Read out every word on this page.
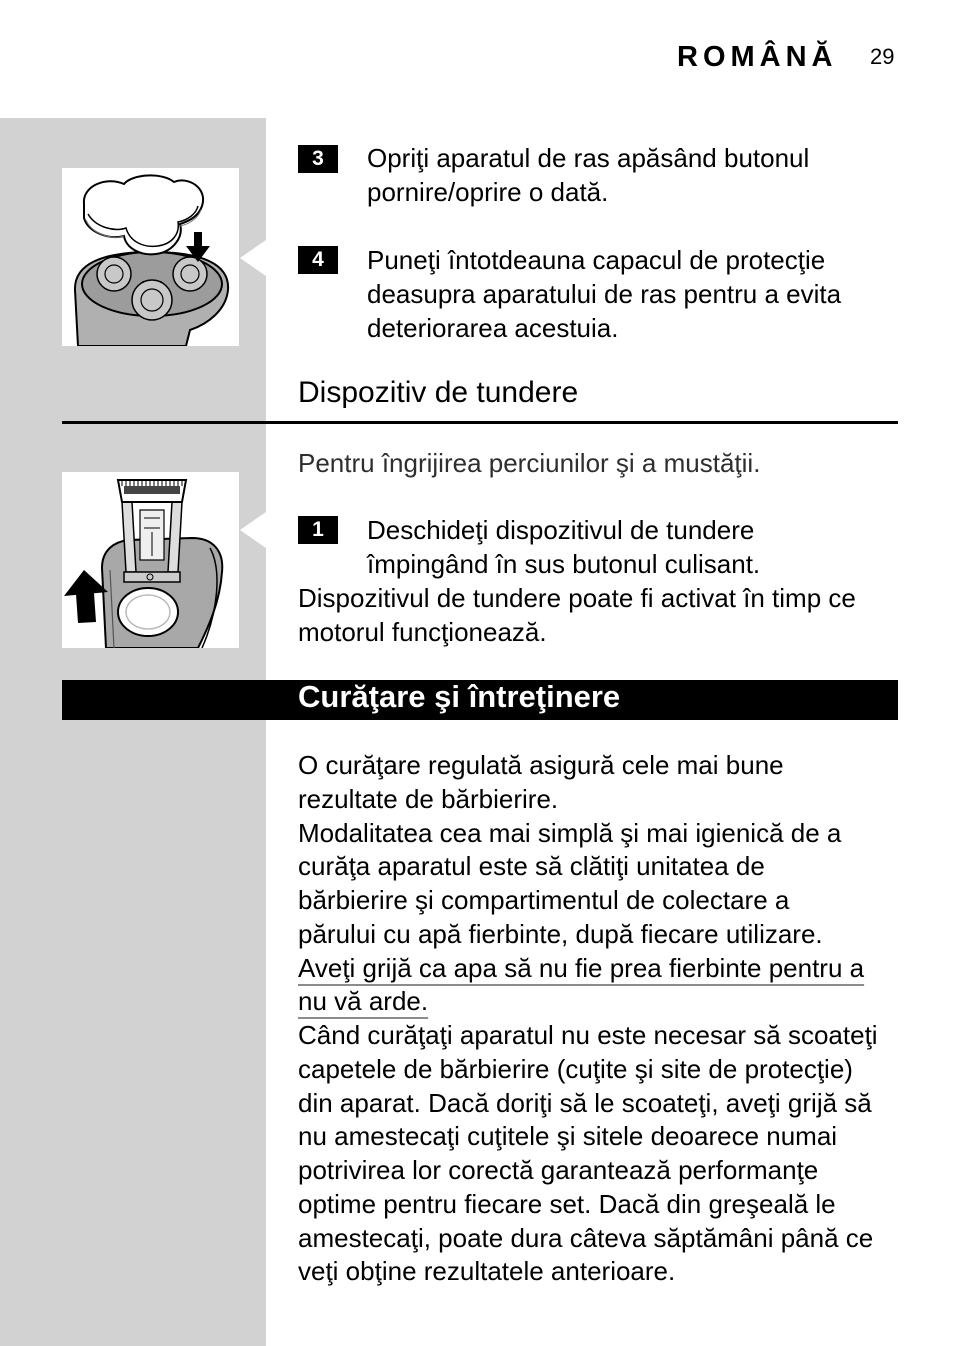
ROMÂNĂ 29
3	Opriţi aparatul de ras apăsând butonul
pornire/oprire o dată.
4	Puneţi întotdeauna capacul de protecţie
deasupra aparatului de ras pentru a evita
deteriorarea acestuia.
Dispozitiv de tundere
Pentru îngrijirea perciunilor şi a mustăţii.
1	Deschideţi dispozitivul de tundere
împingând în sus butonul culisant.
Dispozitivul de tundere poate fi activat în timp ce
motorul funcţionează.
Curăţare şi întreţinere
O curăţare regulată asigură cele mai bune
rezultate de bărbierire.
Modalitatea cea mai simplă şi mai igienică de a
curăţa aparatul este să clătiţi unitatea de
bărbierire şi compartimentul de colectare a
părului cu apă fierbinte, după fiecare utilizare.
Aveţi grijă ca apa să nu fie prea fierbinte pentru a
nu vă arde.
Când curăţaţi aparatul nu este necesar să scoateţi
capetele de bărbierire (cuţite şi site de protecţie)
din aparat. Dacă doriţi să le scoateţi, aveţi grijă să
nu amestecaţi cuţitele şi sitele deoarece numai
potrivirea lor corectă garantează performanţe
optime pentru fiecare set. Dacă din greşeală le
amestecaţi, poate dura câteva săptămâni până ce
veţi obţine rezultatele anterioare.
